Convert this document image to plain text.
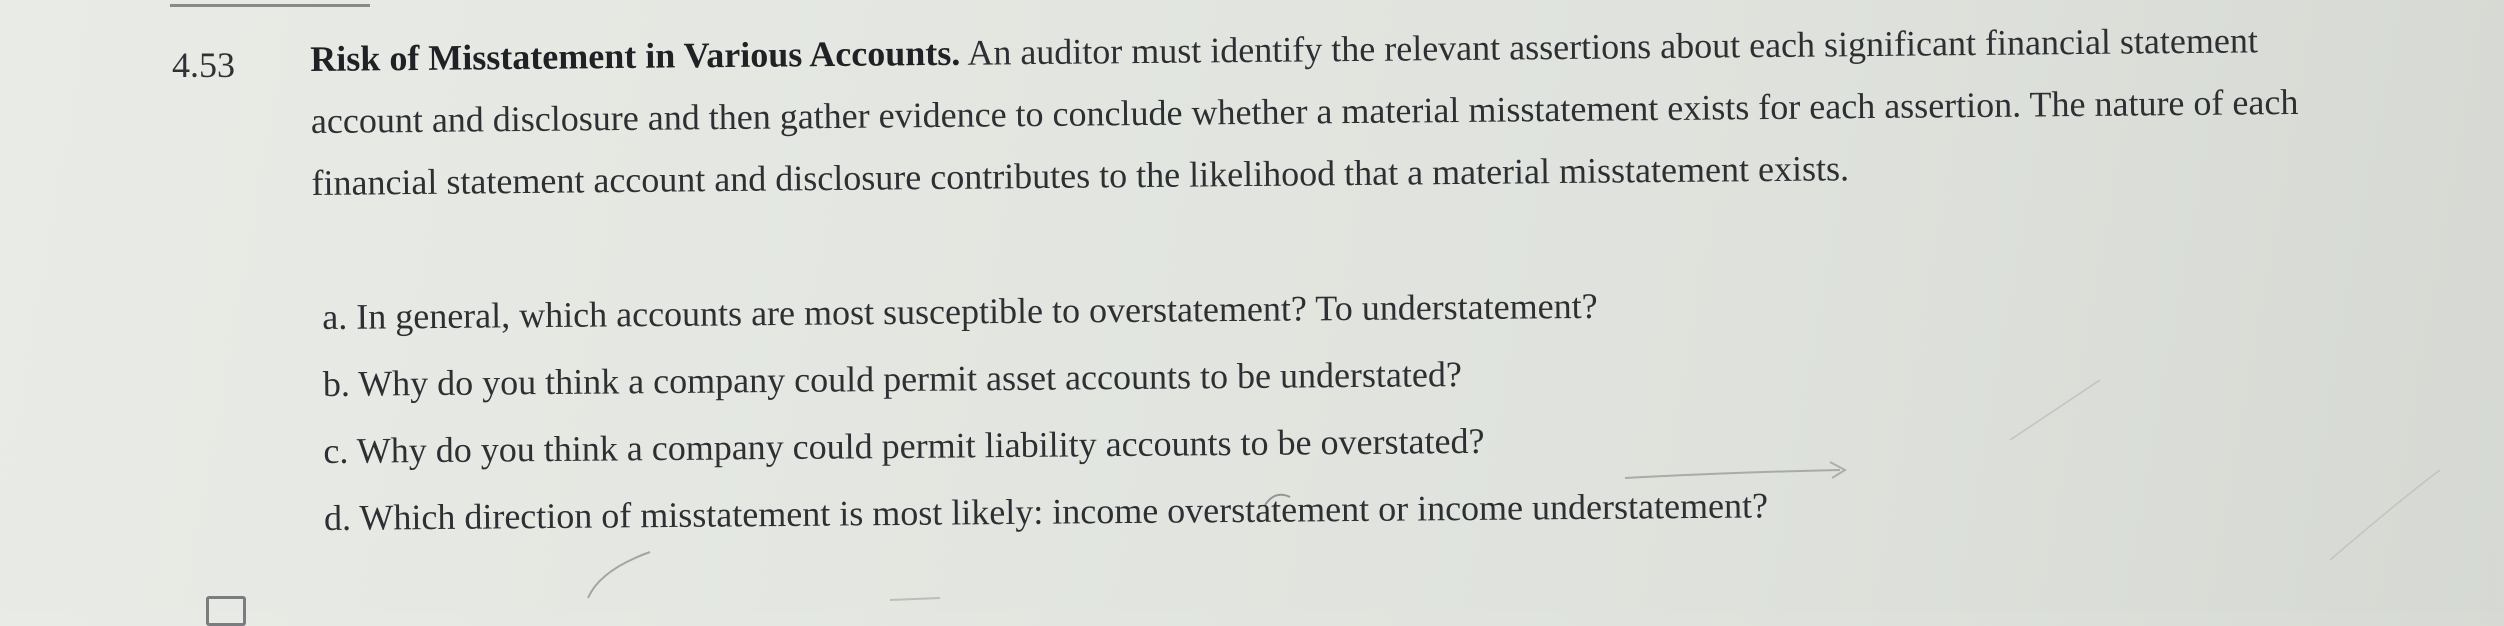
4.53 Risk of Misstatement in Various Accounts. An auditor must identify the relevant assertions about each significant financial statement account and disclosure and then gather evidence to conclude whether a material misstatement exists for each assertion. The nature of each financial statement account and disclosure contributes to the likelihood that a material misstatement exists.
a. In general, which accounts are most susceptible to overstatement? To understatement?
b. Why do you think a company could permit asset accounts to be understated?
c. Why do you think a company could permit liability accounts to be overstated?
d. Which direction of misstatement is most likely: income overstatement or income understatement?
